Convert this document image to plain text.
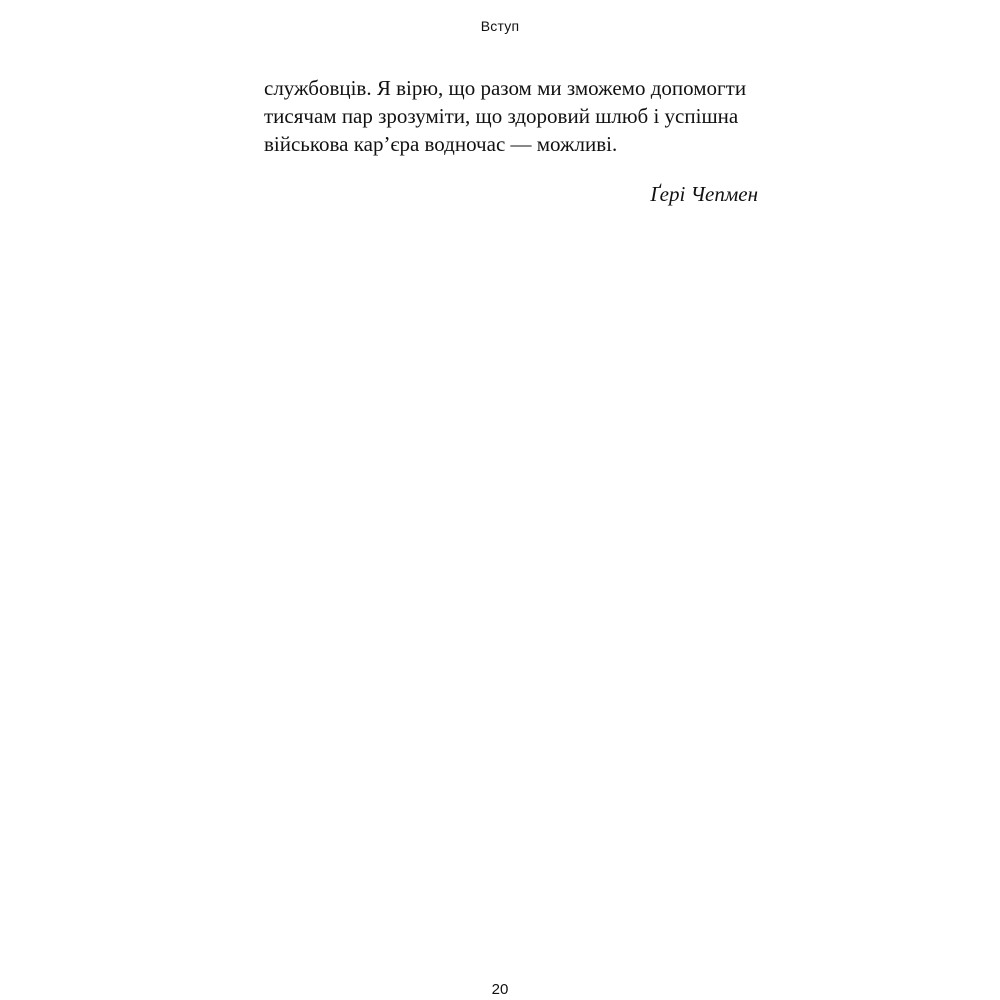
Вступ

службовців. Я вірю, що разом ми зможемо допомогти
тисячам пар зрозуміти, що здоровий шлюб і успішна
військова кар’єра водночас — можливі.

Ґері Чепмен

20
